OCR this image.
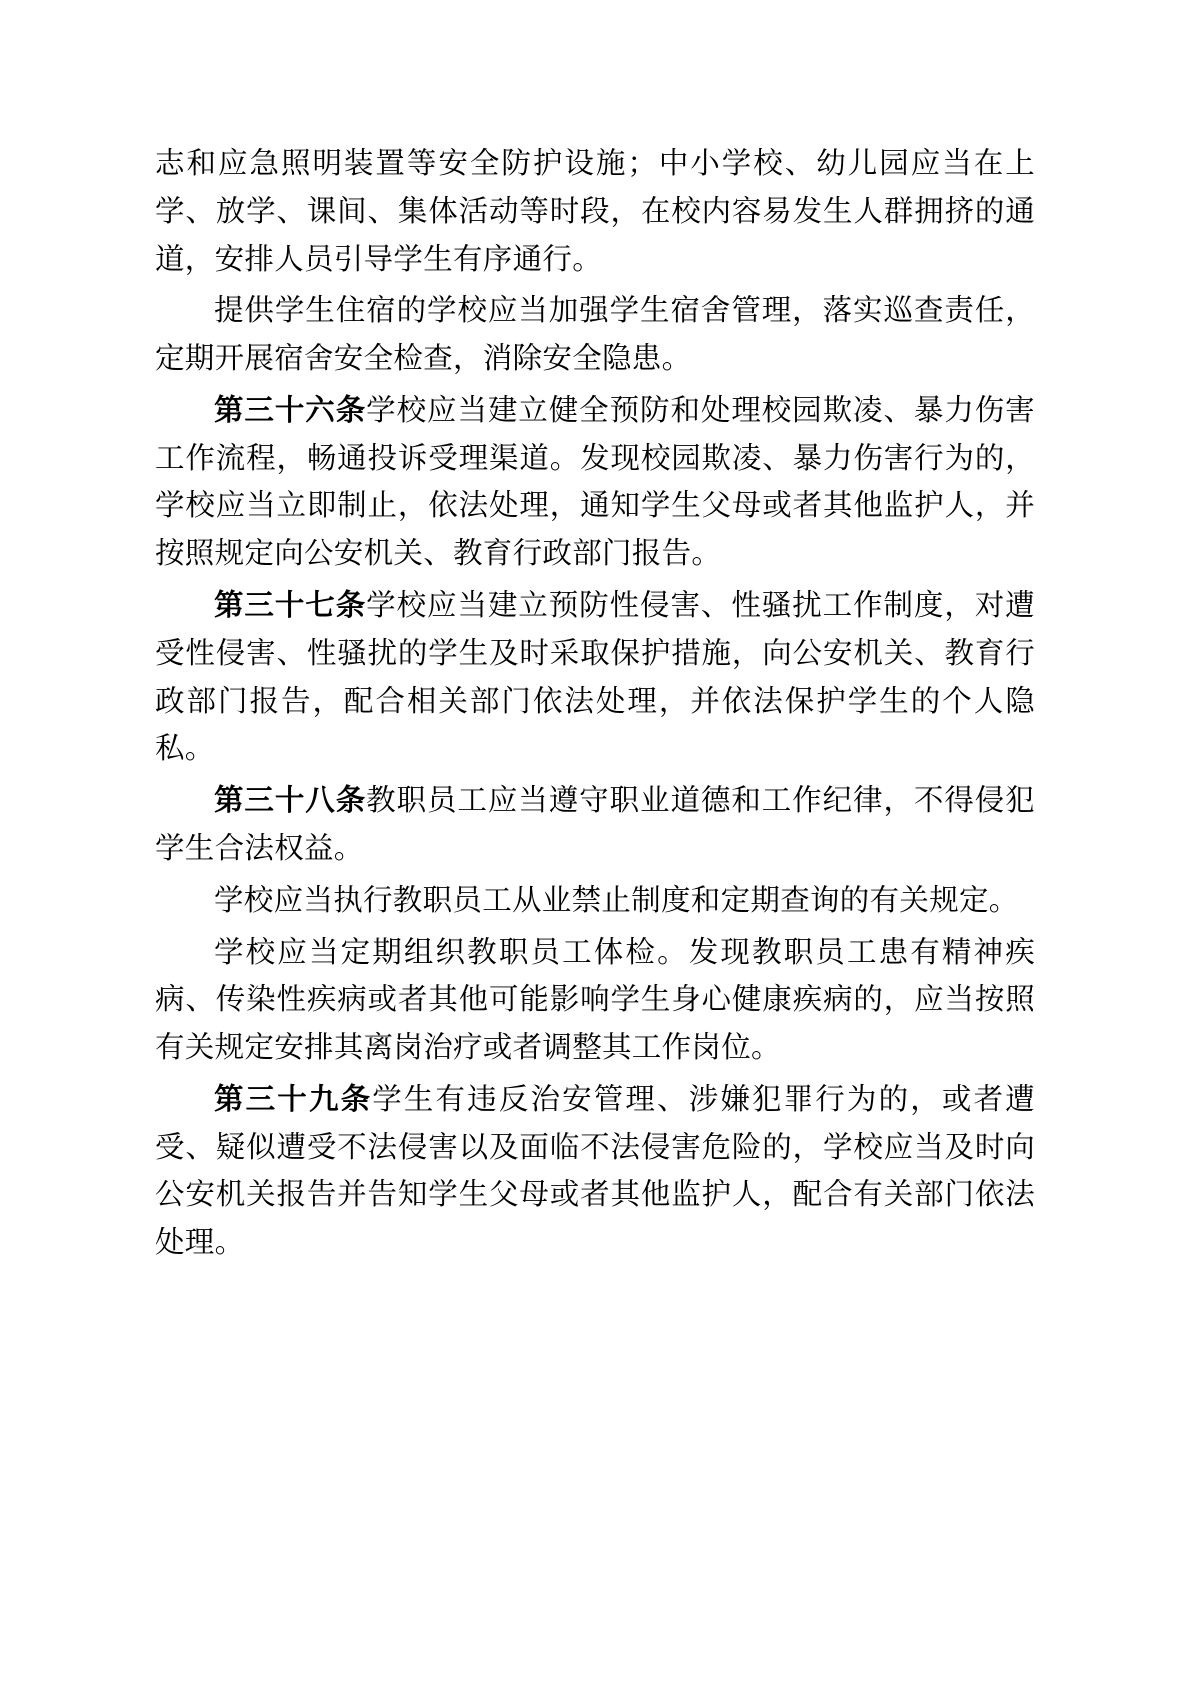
志和应急照明装置等安全防护设施；中小学校、幼儿园应当在上学、放学、课间、集体活动等时段，在校内容易发生人群拥挤的通道，安排人员引导学生有序通行。

提供学生住宿的学校应当加强学生宿舍管理，落实巡查责任，定期开展宿舍安全检查，消除安全隐患。

第三十六条学校应当建立健全预防和处理校园欺凌、暴力伤害工作流程，畅通投诉受理渠道。发现校园欺凌、暴力伤害行为的，学校应当立即制止，依法处理，通知学生父母或者其他监护人，并按照规定向公安机关、教育行政部门报告。

第三十七条学校应当建立预防性侵害、性骚扰工作制度，对遭受性侵害、性骚扰的学生及时采取保护措施，向公安机关、教育行政部门报告，配合相关部门依法处理，并依法保护学生的个人隐私。

第三十八条教职员工应当遵守职业道德和工作纪律，不得侵犯学生合法权益。

学校应当执行教职员工从业禁止制度和定期查询的有关规定。

学校应当定期组织教职员工体检。发现教职员工患有精神疾病、传染性疾病或者其他可能影响学生身心健康疾病的，应当按照有关规定安排其离岗治疗或者调整其工作岗位。

第三十九条学生有违反治安管理、涉嫌犯罪行为的，或者遭受、疑似遭受不法侵害以及面临不法侵害危险的，学校应当及时向公安机关报告并告知学生父母或者其他监护人，配合有关部门依法处理。
